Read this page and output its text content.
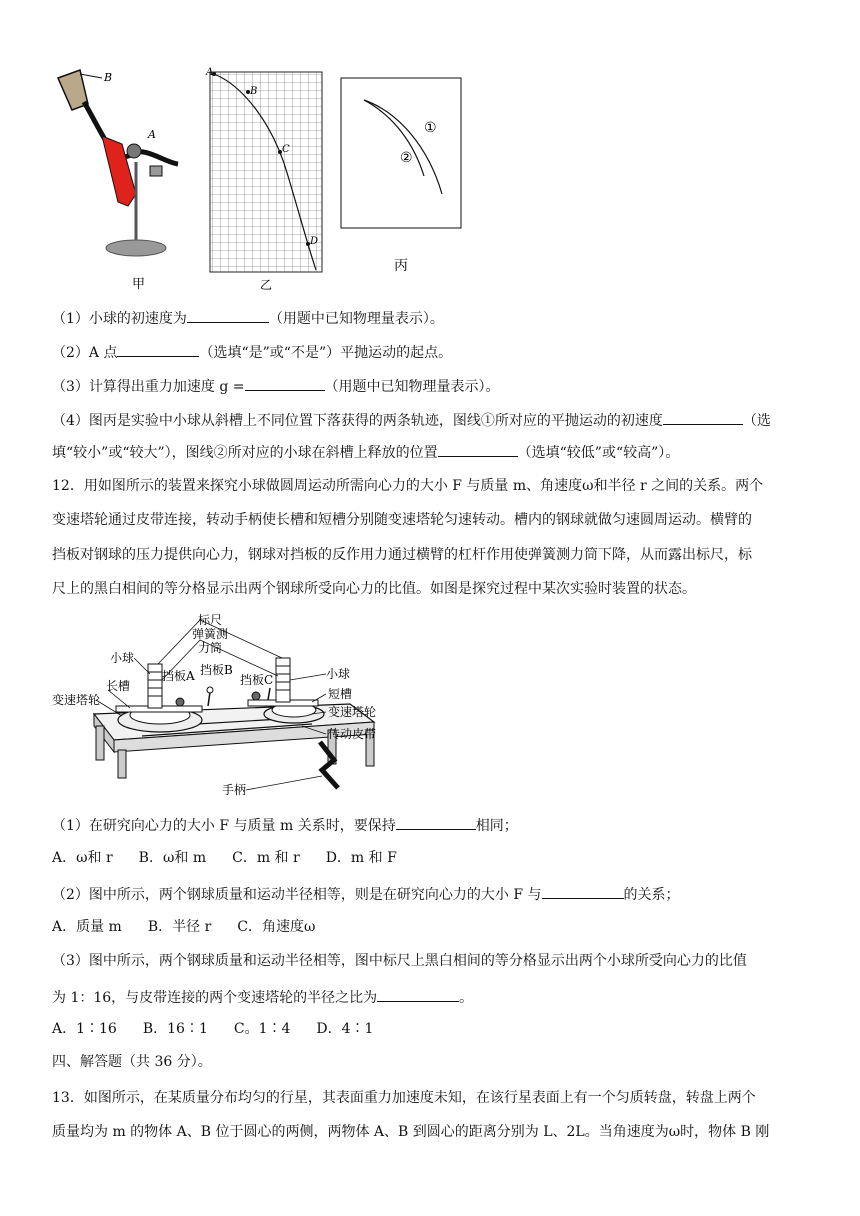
B
A
甲
A
B
C
D
乙
①
②
丙
（1）小球的初速度为	（用题中已知物理量表示）。
（2）A 点	（选填“是”或“不是”）平抛运动的起点。
（3）计算得出重力加速度 g =	（用题中已知物理量表示）。
（4）图丙是实验中小球从斜槽上不同位置下落获得的两条轨迹，图线①所对应的平抛运动的初速度	（选
填“较小”或“较大”），图线②所对应的小球在斜槽上释放的位置	（选填“较低”或“较高”）。
12．用如图所示的装置来探究小球做圆周运动所需向心力的大小 F 与质量 m、角速度ω和半径 r 之间的关系。两个
变速塔轮通过皮带连接，转动手柄使长槽和短槽分别随变速塔轮匀速转动。槽内的钢球就做匀速圆周运动。横臂的
挡板对钢球的压力提供向心力，钢球对挡板的反作用力通过横臂的杠杆作用使弹簧测力筒下降，从而露出标尺，标
尺上的黑白相间的等分格显示出两个钢球所受向心力的比值。如图是探究过程中某次实验时装置的状态。
标尺
弹簧测
力筒
小球
挡板B
挡板A	挡板C	小球
长槽
短槽
变速塔轮
变速塔轮
传动皮带
手柄
（1）在研究向心力的大小 F 与质量 m 关系时，要保持	相同；
A．ω和 r B．ω和 m C．m 和 r D．m 和 F
（2）图中所示，两个钢球质量和运动半径相等，则是在研究向心力的大小 F 与	的关系；
A．质量 m B．半径 r C．角速度ω
（3）图中所示，两个钢球质量和运动半径相等，图中标尺上黑白相间的等分格显示出两个小球所受向心力的比值
为 1：16，与皮带连接的两个变速塔轮的半径之比为	。
A．1∶16 B．16∶1 C。1∶4 D．4∶1
四、解答题（共 36 分）。
13．如图所示，在某质量分布均匀的行星，其表面重力加速度未知，在该行星表面上有一个匀质转盘，转盘上两个
质量均为 m 的物体 A、B 位于圆心的两侧，两物体 A、B 到圆心的距离分别为 L、2L。当角速度为ω时，物体 B 刚
